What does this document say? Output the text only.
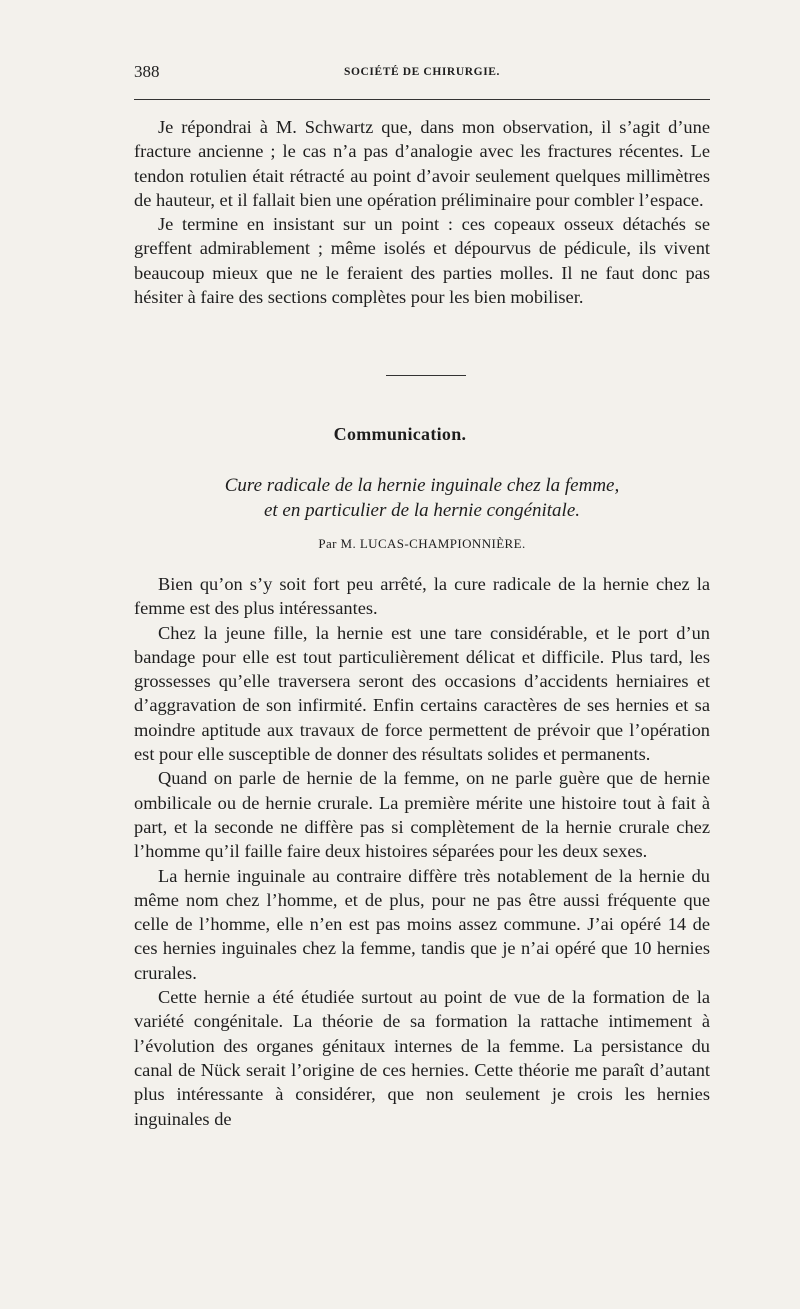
388	SOCIÉTÉ DE CHIRURGIE.

Je répondrai à M. Schwartz que, dans mon observation, il s’agit d’une fracture ancienne ; le cas n’a pas d’analogie avec les fractures récentes. Le tendon rotulien était rétracté au point d’avoir seulement quelques millimètres de hauteur, et il fallait bien une opération préliminaire pour combler l’espace.

Je termine en insistant sur un point : ces copeaux osseux détachés se greffent admirablement ; même isolés et dépourvus de pédicule, ils vivent beaucoup mieux que ne le feraient des parties molles. Il ne faut donc pas hésiter à faire des sections complètes pour les bien mobiliser.

Communication.
Cure radicale de la hernie inguinale chez la femme,
et en particulier de la hernie congénitale.
Par M. LUCAS-CHAMPIONNIÈRE.

Bien qu’on s’y soit fort peu arrêté, la cure radicale de la hernie chez la femme est des plus intéressantes.

Chez la jeune fille, la hernie est une tare considérable, et le port d’un bandage pour elle est tout particulièrement délicat et difficile. Plus tard, les grossesses qu’elle traversera seront des occasions d’accidents herniaires et d’aggravation de son infirmité. Enfin certains caractères de ses hernies et sa moindre aptitude aux travaux de force permettent de prévoir que l’opération est pour elle susceptible de donner des résultats solides et permanents.

Quand on parle de hernie de la femme, on ne parle guère que de hernie ombilicale ou de hernie crurale. La première mérite une histoire tout à fait à part, et la seconde ne diffère pas si complètement de la hernie crurale chez l’homme qu’il faille faire deux histoires séparées pour les deux sexes.

La hernie inguinale au contraire diffère très notablement de la hernie du même nom chez l’homme, et de plus, pour ne pas être aussi fréquente que celle de l’homme, elle n’en est pas moins assez commune. J’ai opéré 14 de ces hernies inguinales chez la femme, tandis que je n’ai opéré que 10 hernies crurales.

Cette hernie a été étudiée surtout au point de vue de la formation de la variété congénitale. La théorie de sa formation la rattache intimement à l’évolution des organes génitaux internes de la femme. La persistance du canal de Nück serait l’origine de ces hernies. Cette théorie me paraît d’autant plus intéressante à considérer, que non seulement je crois les hernies inguinales de
